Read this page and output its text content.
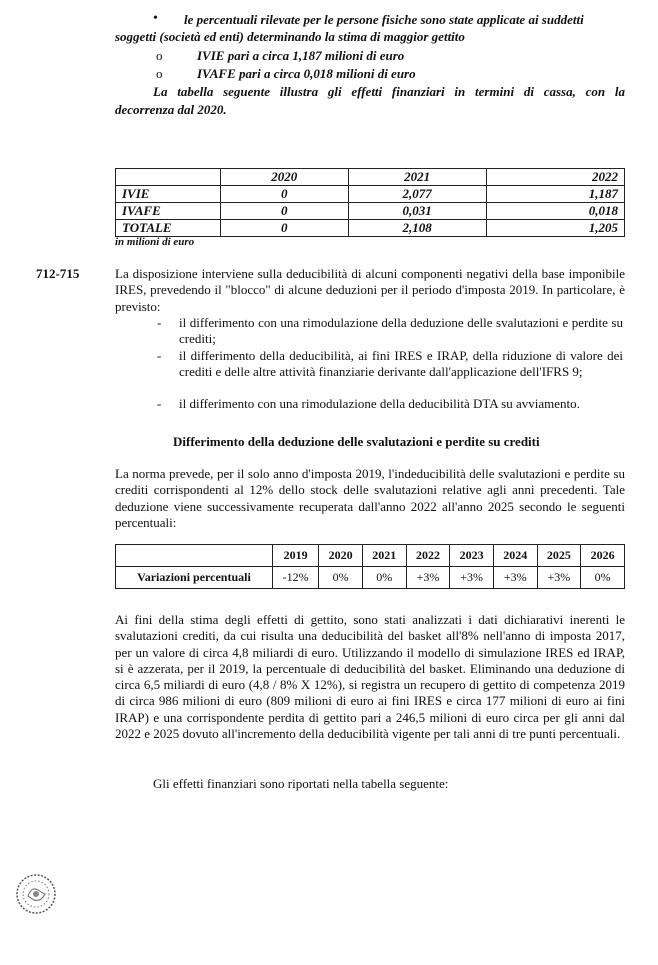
• le percentuali rilevate per le persone fisiche sono state applicate ai suddetti
soggetti (società ed enti) determinando la stima di maggior gettito
o	IVIE pari a circa 1,187 milioni di euro
o	IVAFE pari a circa 0,018 milioni di euro
La tabella seguente illustra gli effetti finanziari in termini di cassa, con la
decorrenza dal 2020.
	2020	2021	2022
IVIE	0	2,077	1,187
IVAFE	0	0,031	0,018
TOTALE	0	2,108	1,205
in milioni di euro
712-715	La disposizione interviene sulla deducibilità di alcuni componenti negativi della base imponibile IRES, prevedendo il "blocco" di alcune deduzioni per il periodo d'imposta 2019. In particolare, è previsto:
- il differimento con una rimodulazione della deduzione delle svalutazioni e perdite su crediti;
- il differimento della deducibilità, ai fini IRES e IRAP, della riduzione di valore dei crediti e delle altre attività finanziarie derivante dall'applicazione dell'IFRS 9;
- il differimento con una rimodulazione della deducibilità DTA su avviamento.
Differimento della deduzione delle svalutazioni e perdite su crediti
La norma prevede, per il solo anno d'imposta 2019, l'indeducibilità delle svalutazioni e perdite su crediti corrispondenti al 12% dello stock delle svalutazioni relative agli anni precedenti. Tale deduzione viene successivamente recuperata dall'anno 2022 all'anno 2025 secondo le seguenti percentuali:
	2019	2020	2021	2022	2023	2024	2025	2026
Variazioni percentuali	-12%	0%	0%	+3%	+3%	+3%	+3%	0%
Ai fini della stima degli effetti di gettito, sono stati analizzati i dati dichiarativi inerenti le svalutazioni crediti, da cui risulta una deducibilità del basket all'8% nell'anno di imposta 2017, per un valore di circa 4,8 miliardi di euro. Utilizzando il modello di simulazione IRES ed IRAP, si è azzerata, per il 2019, la percentuale di deducibilità del basket. Eliminando una deduzione di circa 6,5 miliardi di euro (4,8 / 8% X 12%), si registra un recupero di gettito di competenza 2019 di circa 986 milioni di euro (809 milioni di euro ai fini IRES e circa 177 milioni di euro ai fini IRAP) e una corrispondente perdita di gettito pari a 246,5 milioni di euro circa per gli anni dal 2022 e 2025 dovuto all'incremento della deducibilità vigente per tali anni di tre punti percentuali.
Gli effetti finanziari sono riportati nella tabella seguente:
